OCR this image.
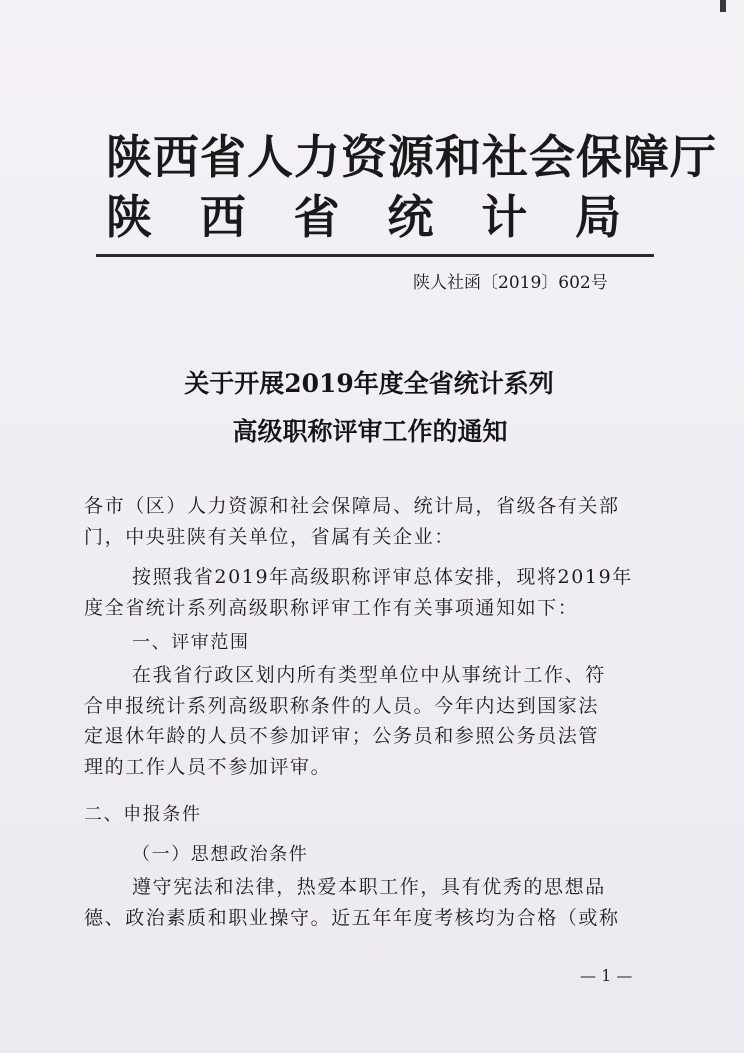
陕西省人力资源和社会保障厅
陕 西 省 统 计 局
陕人社函〔2019〕602号
关于开展2019年度全省统计系列
高级职称评审工作的通知
各市（区）人力资源和社会保障局、统计局，省级各有关部
门，中央驻陕有关单位，省属有关企业：
按照我省2019年高级职称评审总体安排，现将2019年
度全省统计系列高级职称评审工作有关事项通知如下：
一、评审范围
在我省行政区划内所有类型单位中从事统计工作、符
合申报统计系列高级职称条件的人员。今年内达到国家法
定退休年龄的人员不参加评审；公务员和参照公务员法管
理的工作人员不参加评审。
二、申报条件
（一）思想政治条件
遵守宪法和法律，热爱本职工作，具有优秀的思想品
德、政治素质和职业操守。近五年年度考核均为合格（或称
— 1 —
